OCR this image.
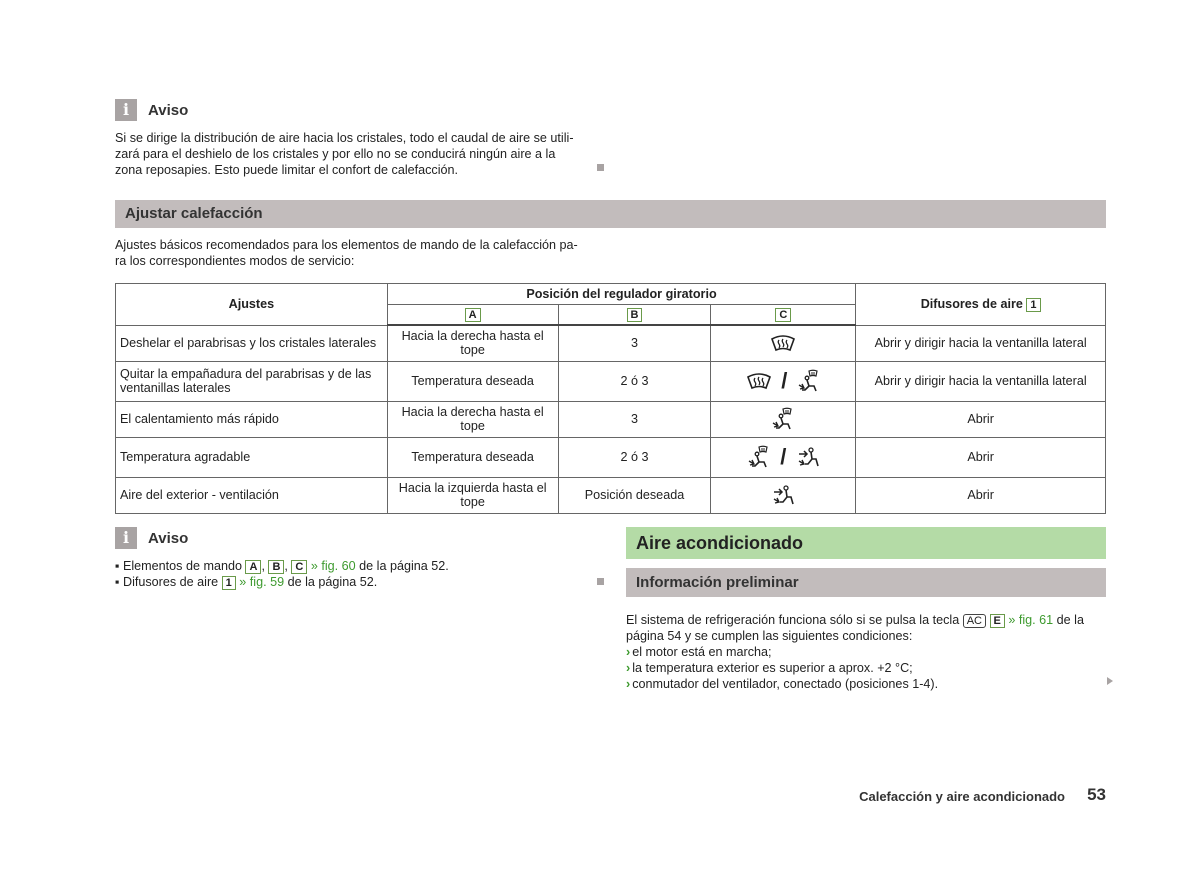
i	Aviso
Si se dirige la distribución de aire hacia los cristales, todo el caudal de aire se utili-
zará para el deshielo de los cristales y por ello no se conducirá ningún aire a la
zona reposapies. Esto puede limitar el confort de calefacción.
Ajustar calefacción
Ajustes básicos recomendados para los elementos de mando de la calefacción pa-
ra los correspondientes modos de servicio:
Ajustes	Posición del regulador giratorio			Difusores de aire 1
	A	B	C	
Deshelar el parabrisas y los cristales laterales	Hacia la derecha hasta el tope	3		Abrir y dirigir hacia la ventanilla lateral
Quitar la empañadura del parabrisas y de las ventanillas laterales	Temperatura deseada	2 ó 3	/	Abrir y dirigir hacia la ventanilla lateral
El calentamiento más rápido	Hacia la derecha hasta el tope	3		Abrir
Temperatura agradable	Temperatura deseada	2 ó 3	/	Abrir
Aire del exterior - ventilación	Hacia la izquierda hasta el tope	Posición deseada		Abrir
i	Aviso
▪ Elementos de mando A , B , C » fig. 60 de la página 52.
▪ Difusores de aire 1 » fig. 59 de la página 52.
Aire acondicionado
Información preliminar
El sistema de refrigeración funciona sólo si se pulsa la tecla AC E » fig. 61 de la
página 54 y se cumplen las siguientes condiciones:
› el motor está en marcha;
› la temperatura exterior es superior a aprox. +2 °C;
› conmutador del ventilador, conectado (posiciones 1-4).
Calefacción y aire acondicionado	53
